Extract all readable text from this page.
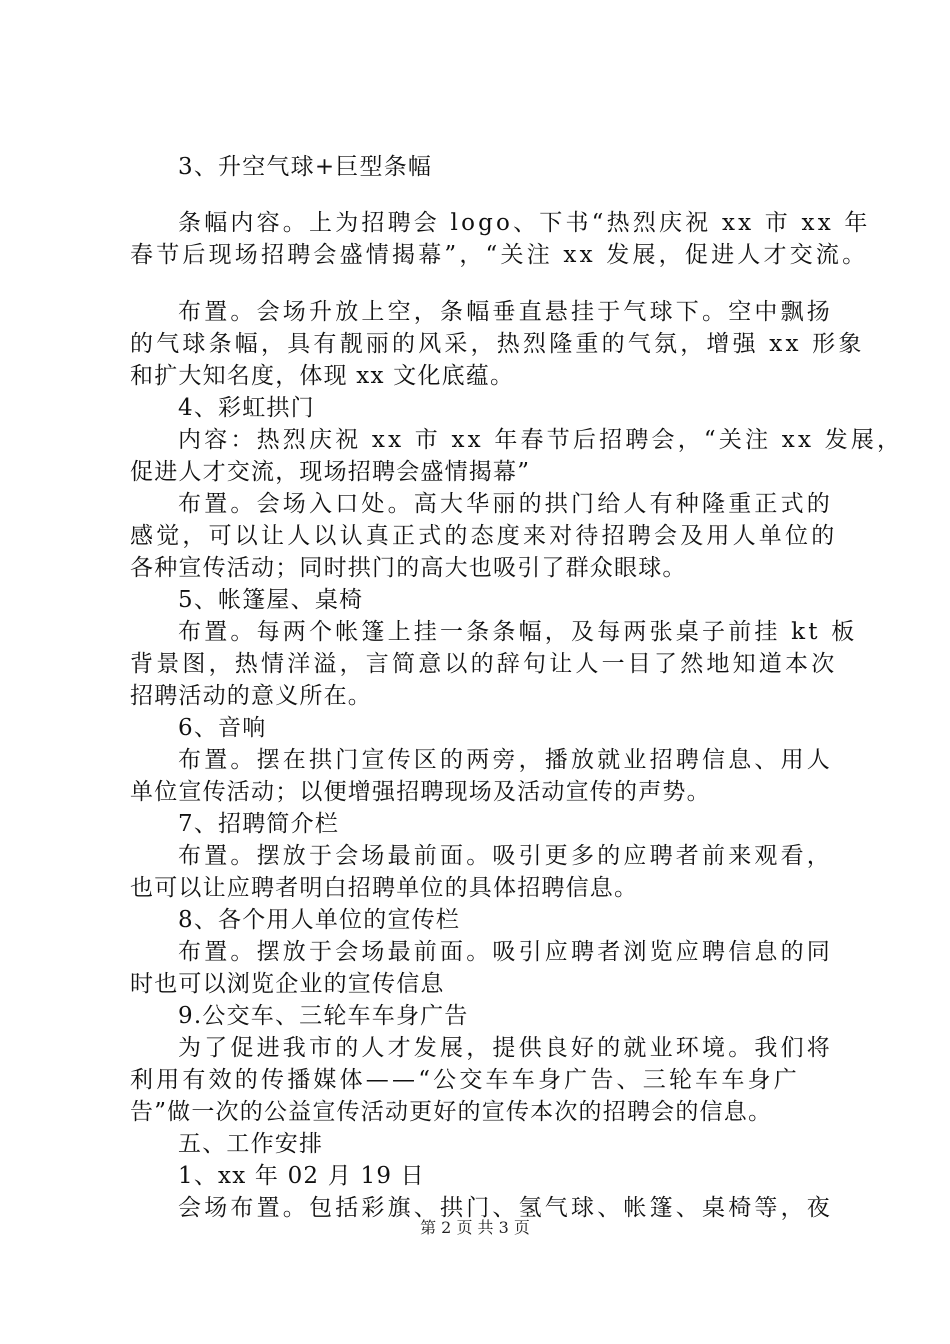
3、升空气球+巨型条幅
条幅内容。上为招聘会 logo、下书“热烈庆祝 xx 市 xx 年
春节后现场招聘会盛情揭幕”，“关注 xx 发展，促进人才交流。
布置。会场升放上空，条幅垂直悬挂于气球下。空中飘扬
的气球条幅，具有靓丽的风采，热烈隆重的气氛，增强 xx 形象
和扩大知名度，体现 xx 文化底蕴。
4、彩虹拱门
内容：热烈庆祝 xx 市 xx 年春节后招聘会，“关注 xx 发展，
促进人才交流，现场招聘会盛情揭幕”
布置。会场入口处。高大华丽的拱门给人有种隆重正式的
感觉，可以让人以认真正式的态度来对待招聘会及用人单位的
各种宣传活动；同时拱门的高大也吸引了群众眼球。
5、帐篷屋、桌椅
布置。每两个帐篷上挂一条条幅，及每两张桌子前挂 kt 板
背景图，热情洋溢，言简意以的辞句让人一目了然地知道本次
招聘活动的意义所在。
6、音响
布置。摆在拱门宣传区的两旁，播放就业招聘信息、用人
单位宣传活动；以便增强招聘现场及活动宣传的声势。
7、招聘简介栏
布置。摆放于会场最前面。吸引更多的应聘者前来观看，
也可以让应聘者明白招聘单位的具体招聘信息。
8、各个用人单位的宣传栏
布置。摆放于会场最前面。吸引应聘者浏览应聘信息的同
时也可以浏览企业的宣传信息
9.公交车、三轮车车身广告
为了促进我市的人才发展，提供良好的就业环境。我们将
利用有效的传播媒体——“公交车车身广告、三轮车车身广
告”做一次的公益宣传活动更好的宣传本次的招聘会的信息。
五、工作安排
1、xx 年 02 月 19 日
会场布置。包括彩旗、拱门、氢气球、帐篷、桌椅等，夜
第 2 页 共 3 页
